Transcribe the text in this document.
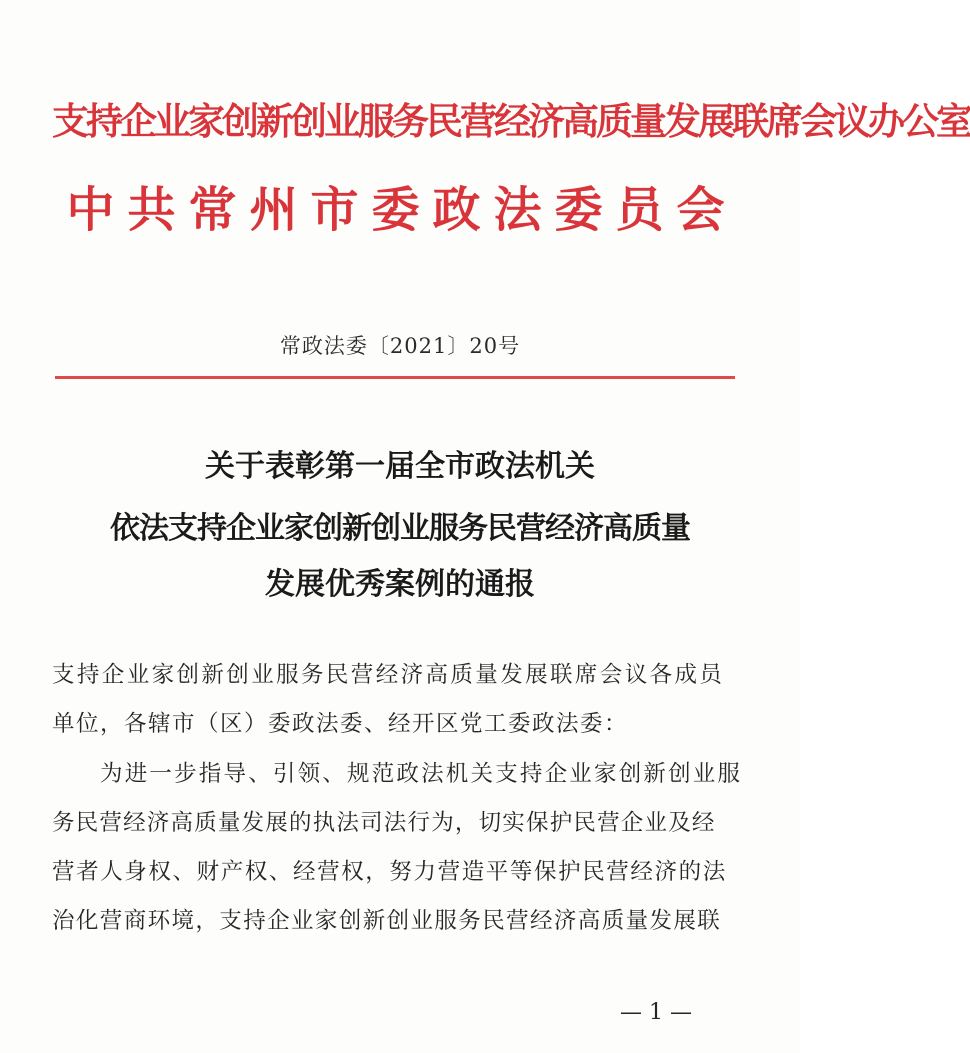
支持企业家创新创业服务民营经济高质量发展联席会议办公室
中共常州市委政法委员会
常政法委〔2021〕20号
关于表彰第一届全市政法机关
依法支持企业家创新创业服务民营经济高质量
发展优秀案例的通报
支持企业家创新创业服务民营经济高质量发展联席会议各成员
单位，各辖市（区）委政法委、经开区党工委政法委：
为进一步指导、引领、规范政法机关支持企业家创新创业服
务民营经济高质量发展的执法司法行为，切实保护民营企业及经
营者人身权、财产权、经营权，努力营造平等保护民营经济的法
治化营商环境，支持企业家创新创业服务民营经济高质量发展联
— 1 —
